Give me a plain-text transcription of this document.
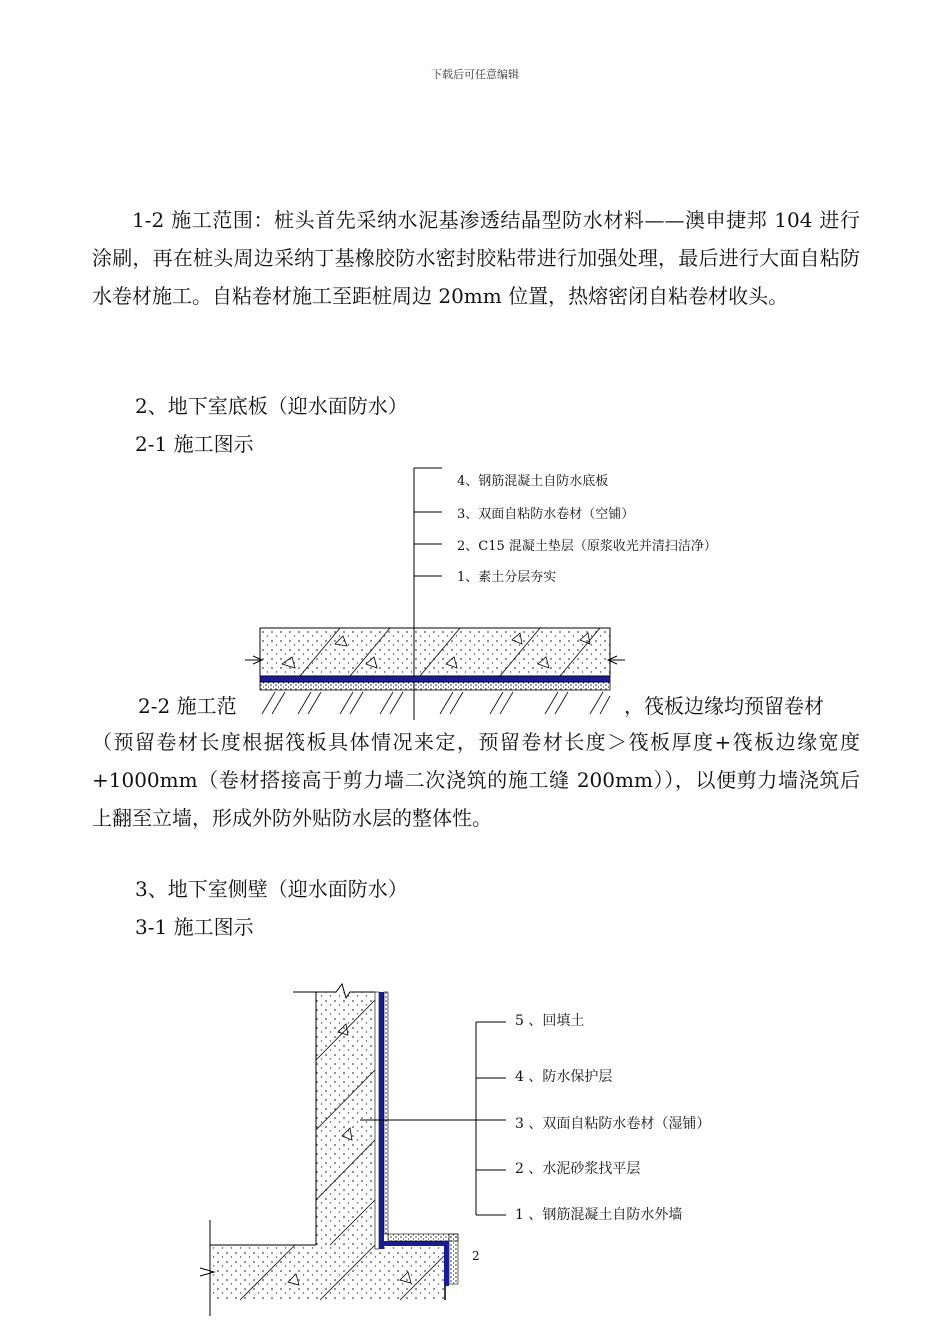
下载后可任意编辑

1-2 施工范围：桩头首先采纳水泥基渗透结晶型防水材料——澳申捷邦 104 进行涂刷，再在桩头周边采纳丁基橡胶防水密封胶粘带进行加强处理，最后进行大面自粘防水卷材施工。自粘卷材施工至距桩周边 20mm 位置，热熔密闭自粘卷材收头。

2、地下室底板（迎水面防水）
2-1 施工图示
4、钢筋混凝土自防水底板
3、双面自粘防水卷材（空铺）
2、C15 混凝土垫层（原浆收光并清扫洁净）
1、素土分层夯实
2-2 施工范	，筏板边缘均预留卷材

（预留卷材长度根据筏板具体情况来定，预留卷材长度＞筏板厚度+筏板边缘宽度+1000mm（卷材搭接高于剪力墙二次浇筑的施工缝 200mm）），以便剪力墙浇筑后上翻至立墙，形成外防外贴防水层的整体性。

3、地下室侧壁（迎水面防水）
3-1 施工图示
5 、回填土
4 、防水保护层
3 、双面自粘防水卷材（湿铺）
2 、水泥砂浆找平层
1 、钢筋混凝土自防水外墙
2
